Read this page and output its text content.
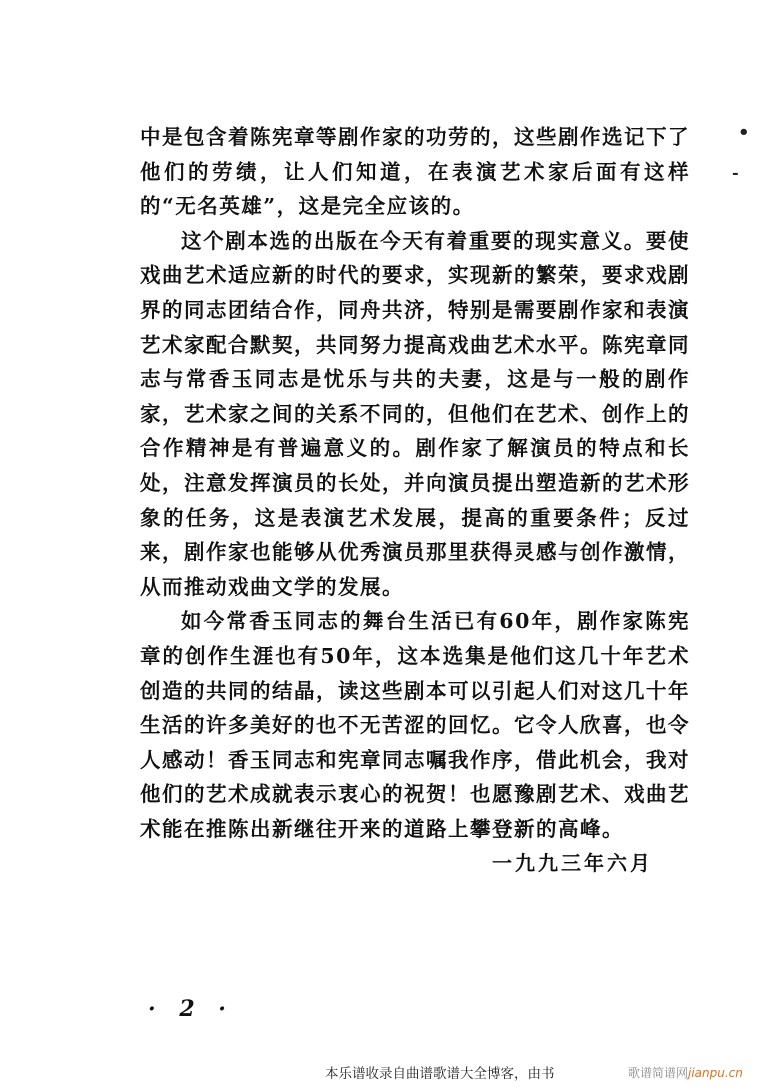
中是包含着陈宪章等剧作家的功劳的，这些剧作选记下了他们的劳绩，让人们知道，在表演艺术家后面有这样的“无名英雄”，这是完全应该的。

这个剧本选的出版在今天有着重要的现实意义。要使戏曲艺术适应新的时代的要求，实现新的繁荣，要求戏剧界的同志团结合作，同舟共济，特别是需要剧作家和表演艺术家配合默契，共同努力提高戏曲艺术水平。陈宪章同志与常香玉同志是忧乐与共的夫妻，这是与一般的剧作家，艺术家之间的关系不同的，但他们在艺术、创作上的合作精神是有普遍意义的。剧作家了解演员的特点和长处，注意发挥演员的长处，并向演员提出塑造新的艺术形象的任务，这是表演艺术发展，提高的重要条件；反过来，剧作家也能够从优秀演员那里获得灵感与创作激情，从而推动戏曲文学的发展。

如今常香玉同志的舞台生活已有60年，剧作家陈宪章的创作生涯也有50年，这本选集是他们这几十年艺术创造的共同的结晶，读这些剧本可以引起人们对这几十年生活的许多美好的也不无苦涩的回忆。它令人欣喜，也令人感动！香玉同志和宪章同志嘱我作序，借此机会，我对他们的艺术成就表示衷心的祝贺！也愿豫剧艺术、戏曲艺术能在推陈出新继往开来的道路上攀登新的高峰。

一九九三年六月
· 2 ·
•
-
本乐谱收录自曲谱歌谱大全博客，由书	歌谱简谱网jianpu.cn
